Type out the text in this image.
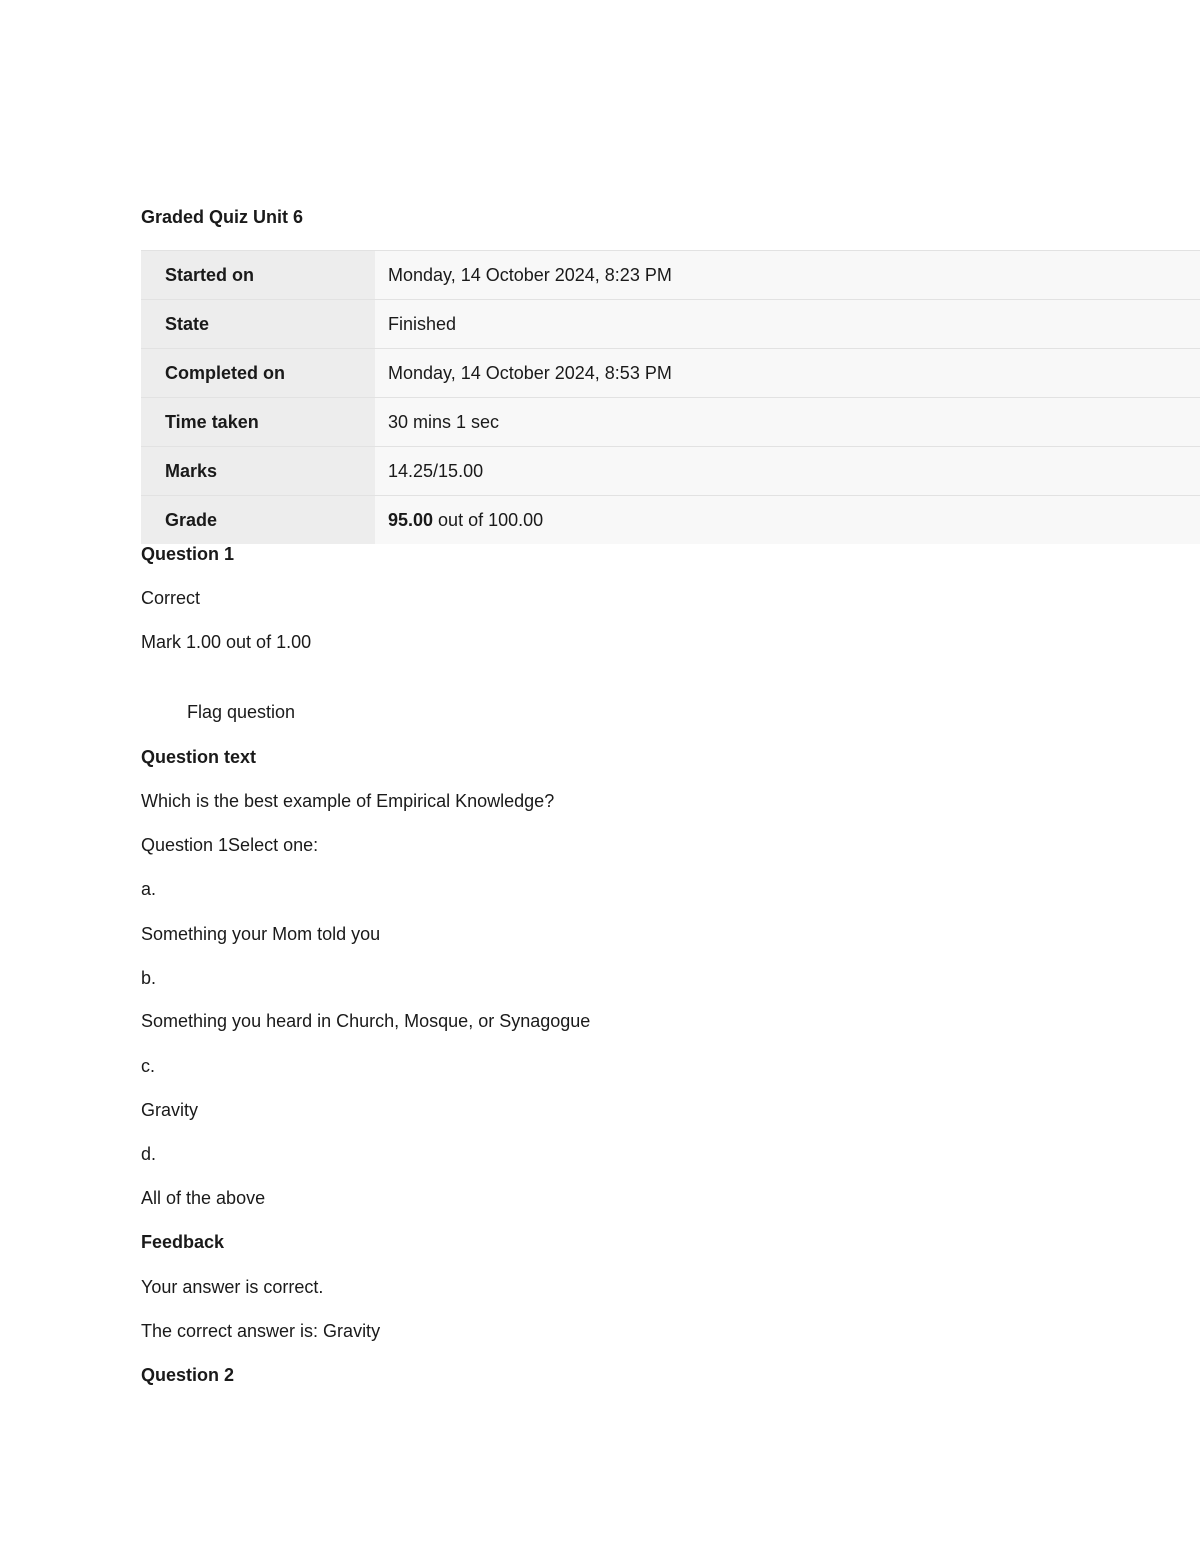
Graded Quiz Unit 6
Started on	Monday, 14 October 2024, 8:23 PM
State	Finished
Completed on	Monday, 14 October 2024, 8:53 PM
Time taken	30 mins 1 sec
Marks	14.25/15.00
Grade	95.00 out of 100.00

Question 1

Correct

Mark 1.00 out of 1.00

Flag question

Question text

Which is the best example of Empirical Knowledge?

Question 1Select one:

a.

Something your Mom told you

b.

Something you heard in Church, Mosque, or Synagogue

c.

Gravity

d.

All of the above

Feedback

Your answer is correct.

The correct answer is: Gravity

Question 2
